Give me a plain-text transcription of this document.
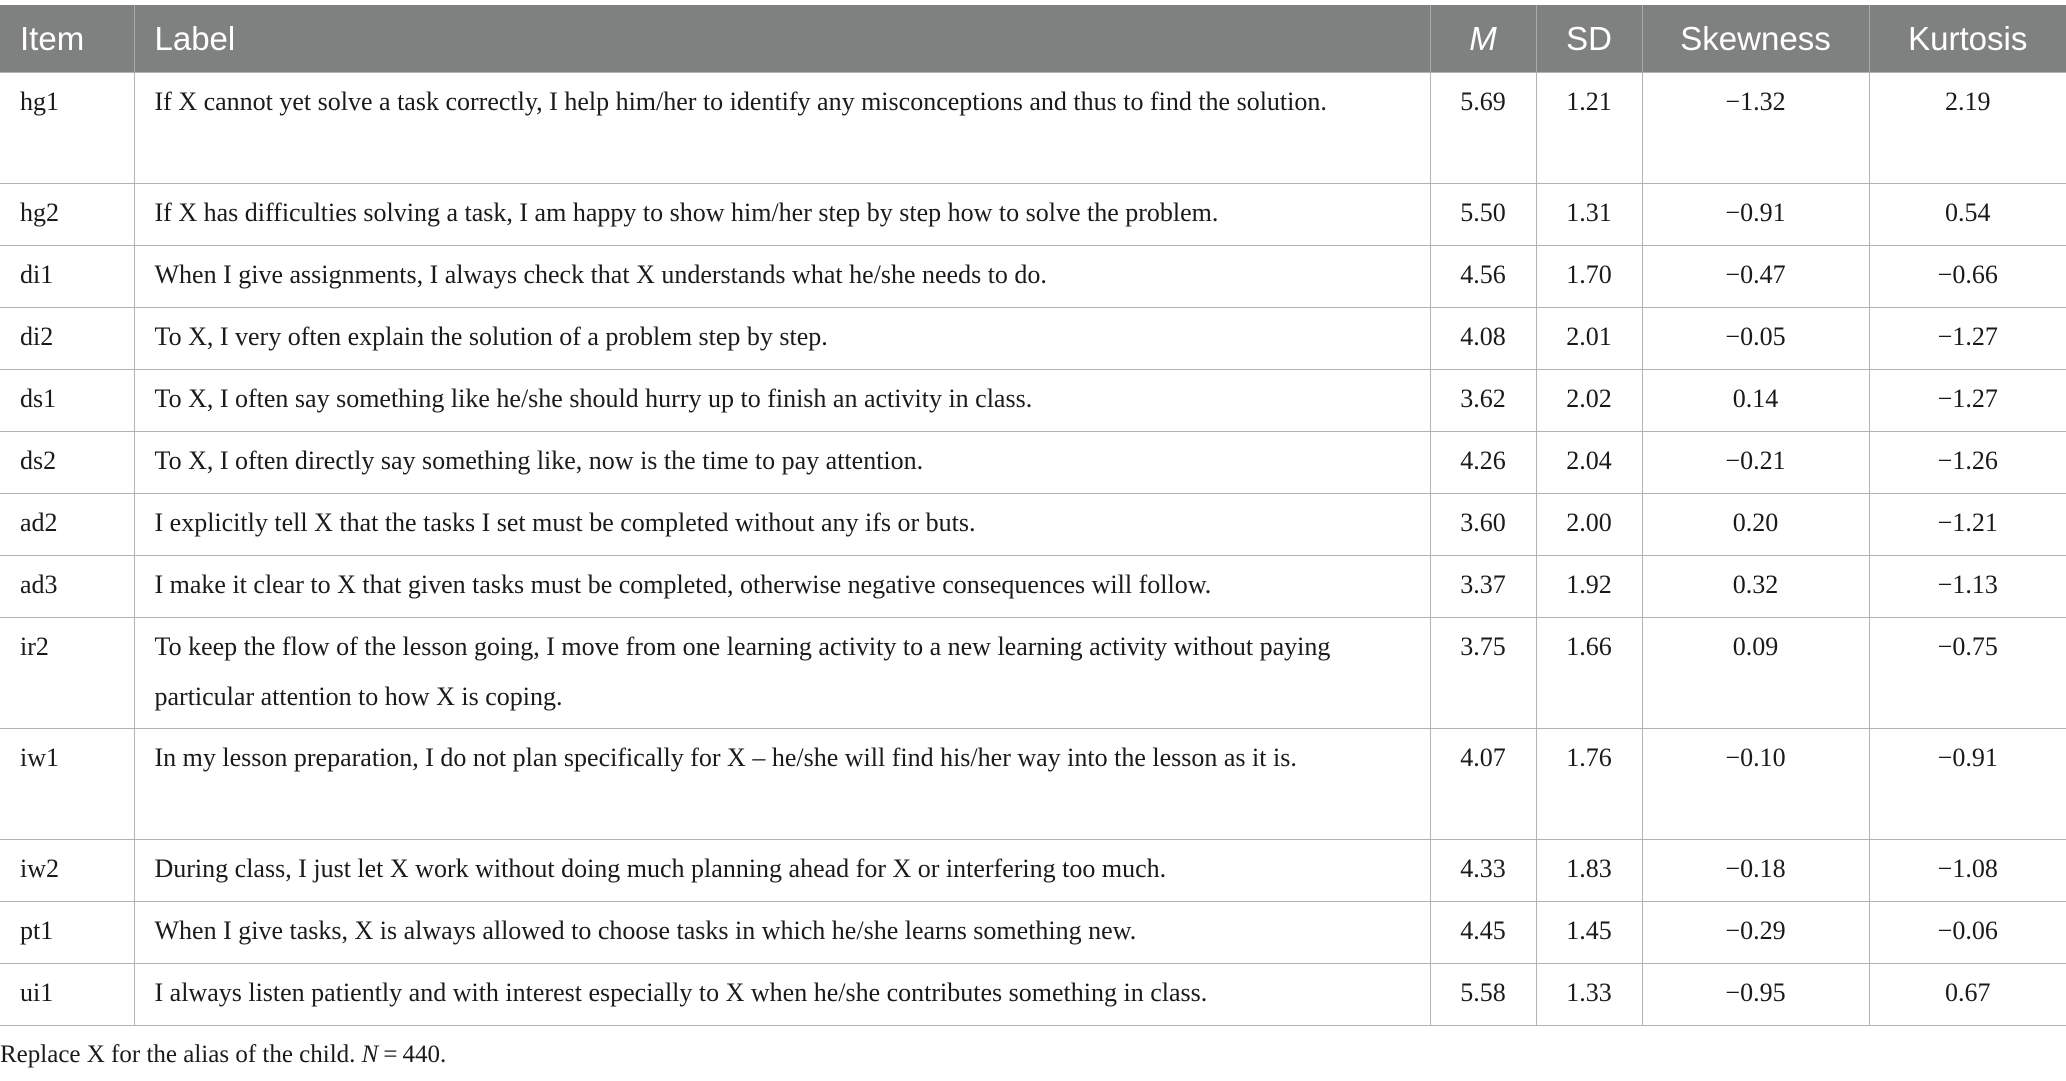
Item	Label	M	SD	Skewness	Kurtosis
hg1	If X cannot yet solve a task correctly, I help him/her to identify any misconceptions and thus to find the solution.	5.69	1.21	−1.32	2.19
hg2	If X has difficulties solving a task, I am happy to show him/her step by step how to solve the problem.	5.50	1.31	−0.91	0.54
di1	When I give assignments, I always check that X understands what he/she needs to do.	4.56	1.70	−0.47	−0.66
di2	To X, I very often explain the solution of a problem step by step.	4.08	2.01	−0.05	−1.27
ds1	To X, I often say something like he/she should hurry up to finish an activity in class.	3.62	2.02	0.14	−1.27
ds2	To X, I often directly say something like, now is the time to pay attention.	4.26	2.04	−0.21	−1.26
ad2	I explicitly tell X that the tasks I set must be completed without any ifs or buts.	3.60	2.00	0.20	−1.21
ad3	I make it clear to X that given tasks must be completed, otherwise negative consequences will follow.	3.37	1.92	0.32	−1.13
ir2	To keep the flow of the lesson going, I move from one learning activity to a new learning activity without paying particular attention to how X is coping.	3.75	1.66	0.09	−0.75
iw1	In my lesson preparation, I do not plan specifically for X – he/she will find his/her way into the lesson as it is.	4.07	1.76	−0.10	−0.91
iw2	During class, I just let X work without doing much planning ahead for X or interfering too much.	4.33	1.83	−0.18	−1.08
pt1	When I give tasks, X is always allowed to choose tasks in which he/she learns something new.	4.45	1.45	−0.29	−0.06
ui1	I always listen patiently and with interest especially to X when he/she contributes something in class.	5.58	1.33	−0.95	0.67
Replace X for the alias of the child. N = 440.
